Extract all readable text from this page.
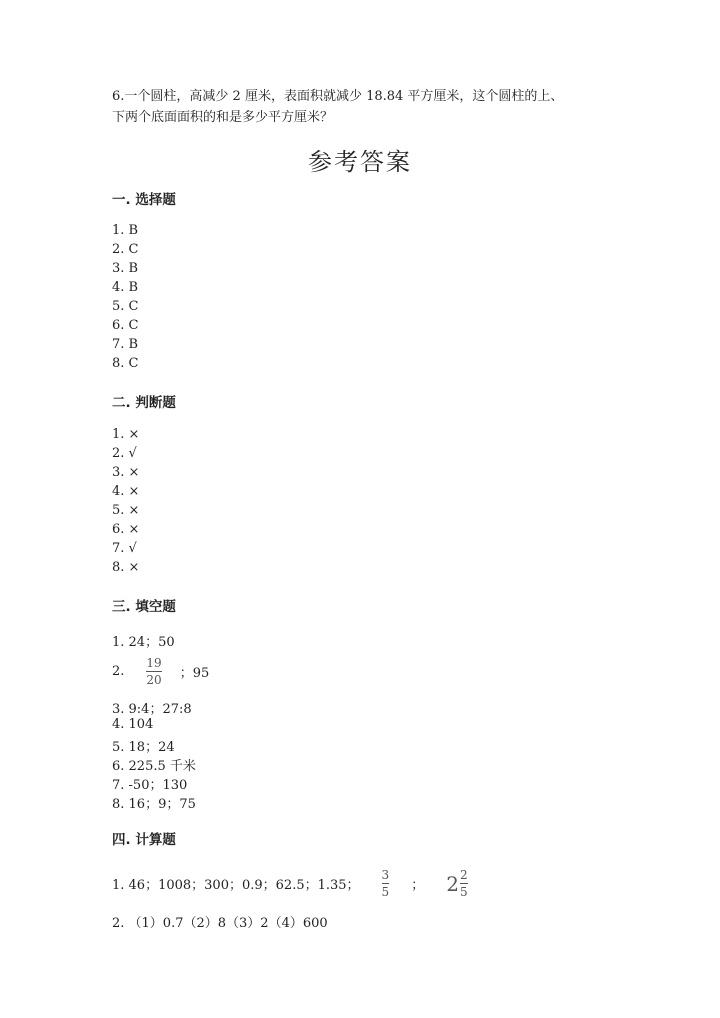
6.一个圆柱，高减少 2 厘米，表面积就减少 18.84 平方厘米，这个圆柱的上、
下两个底面面积的和是多少平方厘米？
参考答案
一. 选择题
1. B
2. C
3. B
4. B
5. C
6. C
7. B
8. C
二. 判断题
1. ×
2. √
3. ×
4. ×
5. ×
6. ×
7. √
8. ×
三. 填空题
1. 24；50
2. $\frac{19}{20}$ ；95
3. 9:4；27:8
4. 104
5. 18；24
6. 225.5 千米
7. -50；130
8. 16；9；75
四. 计算题
1. 46；1008；300；0.9；62.5；1.35； $\frac{3}{5}$ ； $2 \frac{2}{5}$
2. （1）0.7（2）8（3）2（4）600
